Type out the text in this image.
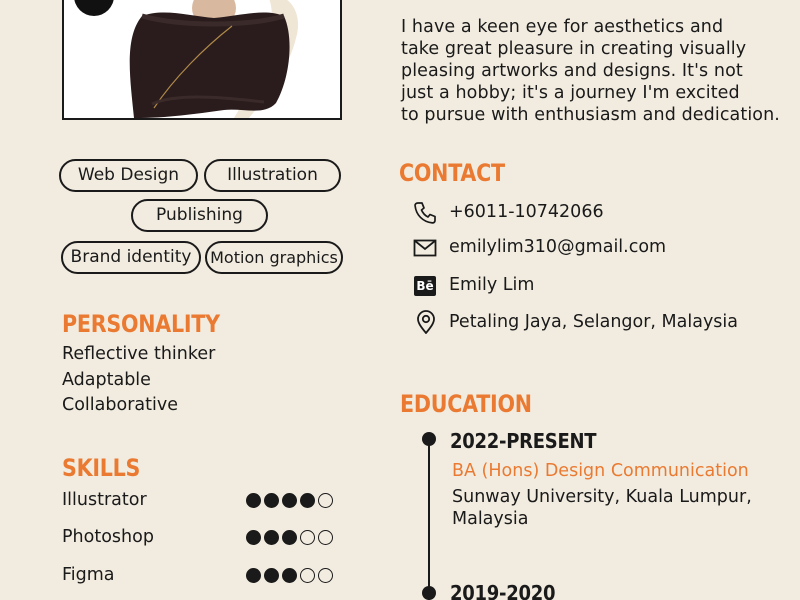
I have a keen eye for aesthetics and

take great pleasure in creating visually

pleasing artworks and designs. It's not

just a hobby; it's a journey I'm excited

to pursue with enthusiasm and dedication.

Web Design	Illustration
Publishing
Brand identity	Motion graphics
PERSONALITY
Reflective thinker
Adaptable
Collaborative
SKILLS
Illustrator
Photoshop
Figma
CONTACT
+6011-10742066
emilylim310@gmail.com
Bē Emily Lim
Petaling Jaya, Selangor, Malaysia
EDUCATION
2022-PRESENT
BA (Hons) Design Communication
Sunway University, Kuala Lumpur,
Malaysia
2019-2020
